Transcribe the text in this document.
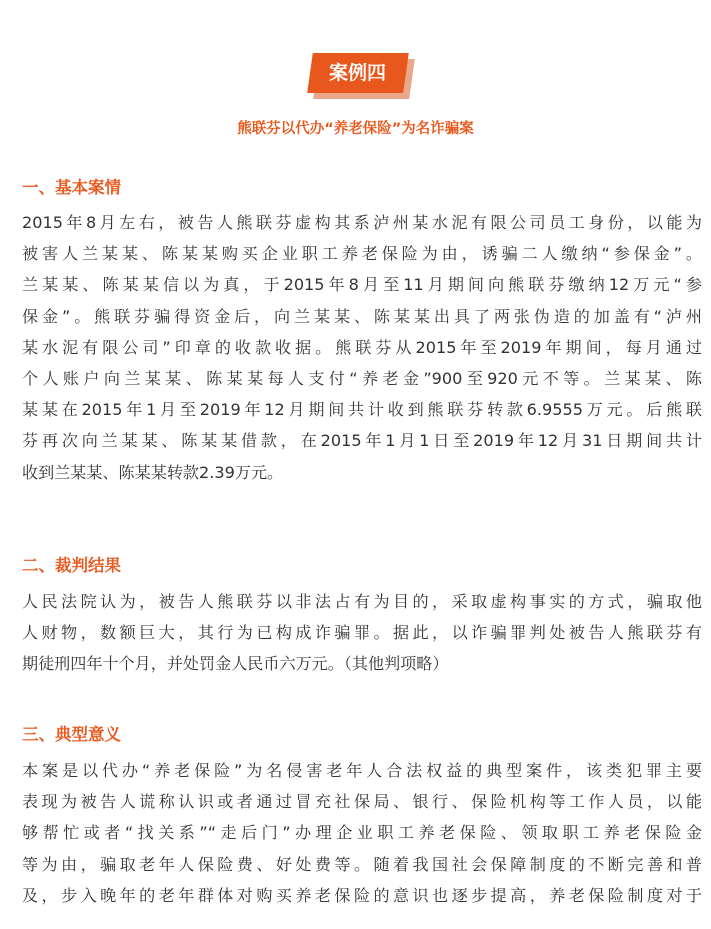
案例四
熊联芬以代办“养老保险”为名诈骗案
一、基本案情
2015年8月左右，被告人熊联芬虚构其系泸州某水泥有限公司员工身份，以能为
被害人兰某某、陈某某购买企业职工养老保险为由，诱骗二人缴纳“参保金”。
兰某某、陈某某信以为真，于2015年8月至11月期间向熊联芬缴纳12万元“参
保金”。熊联芬骗得资金后，向兰某某、陈某某出具了两张伪造的加盖有“泸州
某水泥有限公司”印章的收款收据。熊联芬从2015年至2019年期间，每月通过
个人账户向兰某某、陈某某每人支付“养老金”900至920元不等。兰某某、陈
某某在2015年1月至2019年12月期间共计收到熊联芬转款6.9555万元。后熊联
芬再次向兰某某、陈某某借款，在2015年1月1日至2019年12月31日期间共计
收到兰某某、陈某某转款2.39万元。
二、裁判结果
人民法院认为，被告人熊联芬以非法占有为目的，采取虚构事实的方式，骗取他
人财物，数额巨大，其行为已构成诈骗罪。据此，以诈骗罪判处被告人熊联芬有
期徒刑四年十个月，并处罚金人民币六万元。（其他判项略）
三、典型意义
本案是以代办“养老保险”为名侵害老年人合法权益的典型案件，该类犯罪主要
表现为被告人谎称认识或者通过冒充社保局、银行、保险机构等工作人员，以能
够帮忙或者“找关系”“走后门”办理企业职工养老保险、领取职工养老保险金
等为由，骗取老年人保险费、好处费等。随着我国社会保障制度的不断完善和普
及，步入晚年的老年群体对购买养老保险的意识也逐步提高，养老保险制度对于
